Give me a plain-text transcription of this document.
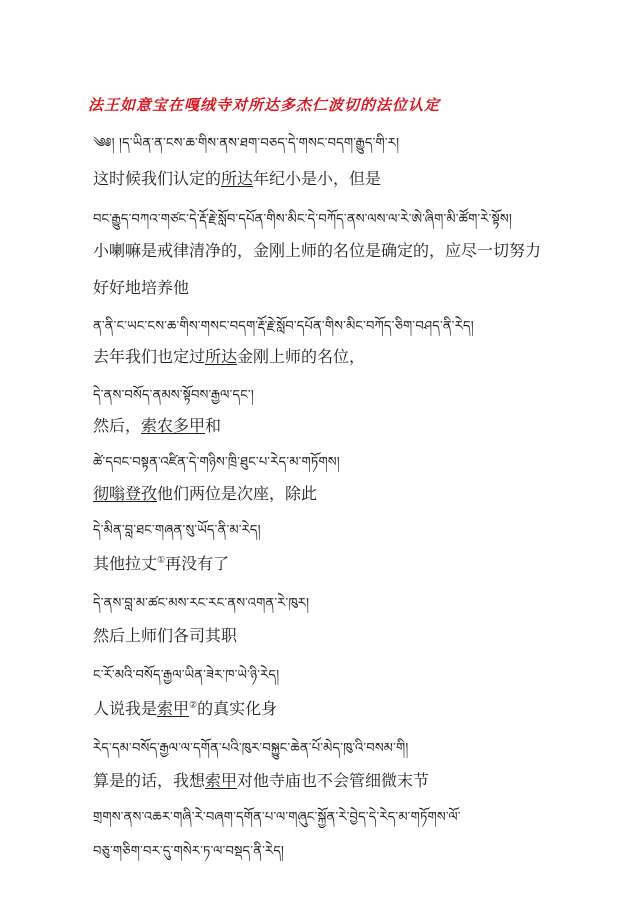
法王如意宝在嘎绒寺对所达多杰仁波切的法位认定
༄༅། །ད་ཡིན་ན་ངས་ཆ་གིས་ནས་ཐག་བཅད་དེ་གསང་བདག་རྒྱུད་གི་ར།
这时候我们认定的所达年纪小是小，但是
བང་རྒྱུད་བཀའ་གཙང་དེ་རྡོ་རྗེ་སློབ་དཔོན་གིས་མིང་དེ་བཀོད་ནས་ལས་ལ་རེ་ཨེ་ཞིག་མི་ཚོག་རེ་སྟོས།
小喇嘛是戒律清净的，金刚上师的名位是确定的，应尽一切努力
好好地培养他
ན་ནི་ང་ཡང་ངས་ཆ་གིས་གསང་བདག་རྡོ་རྗེ་སློབ་དཔོན་གིས་མིང་བཀོད་ཅིག་བཤད་ནི་རེད།
去年我们也定过所达金刚上师的名位，
དེ་ནས་བསོད་ནམས་སྟོབས་རྒྱལ་དང་།
然后，索农多甲和
ཚེ་དབང་བསྟན་འཛིན་དེ་གཉིས་ཁྲི་ཐུང་པ་རེད་མ་གཏོགས།
彻嗡登孜他们两位是次座，除此
དེ་མིན་བླ་ཐང་གཞན་སུ་ཡོད་ནི་མ་རེད།
其他拉丈①再没有了
དེ་ནས་བླ་མ་ཚང་མས་རང་རང་ནས་འགན་རེ་ཁུར།
然后上师们各司其职
ང་རོ་མའི་བསོད་རྒྱལ་ཡིན་ཟེར་ཁ་ཡེ་ཉི་རེད།
人说我是索甲②的真实化身
རེད་དམ་བསོད་རྒྱལ་ལ་དགོན་པའི་ཁུར་བསྐྱུང་ཆེན་པོ་མེད་ཁུ་འི་བསམ་གི།
算是的话，我想索甲对他寺庙也不会管细微末节
གྲགས་ནས་འཆར་གཞི་རེ་བཞག་དགོན་པ་ལ་གཞུང་སྐྱོན་རེ་བྱེད་དེ་རེད་མ་གཏོགས་ལོ་
བཅུ་གཅིག་བར་དུ་གསེར་ཏ་ལ་བསྡད་ནི་རེད།
